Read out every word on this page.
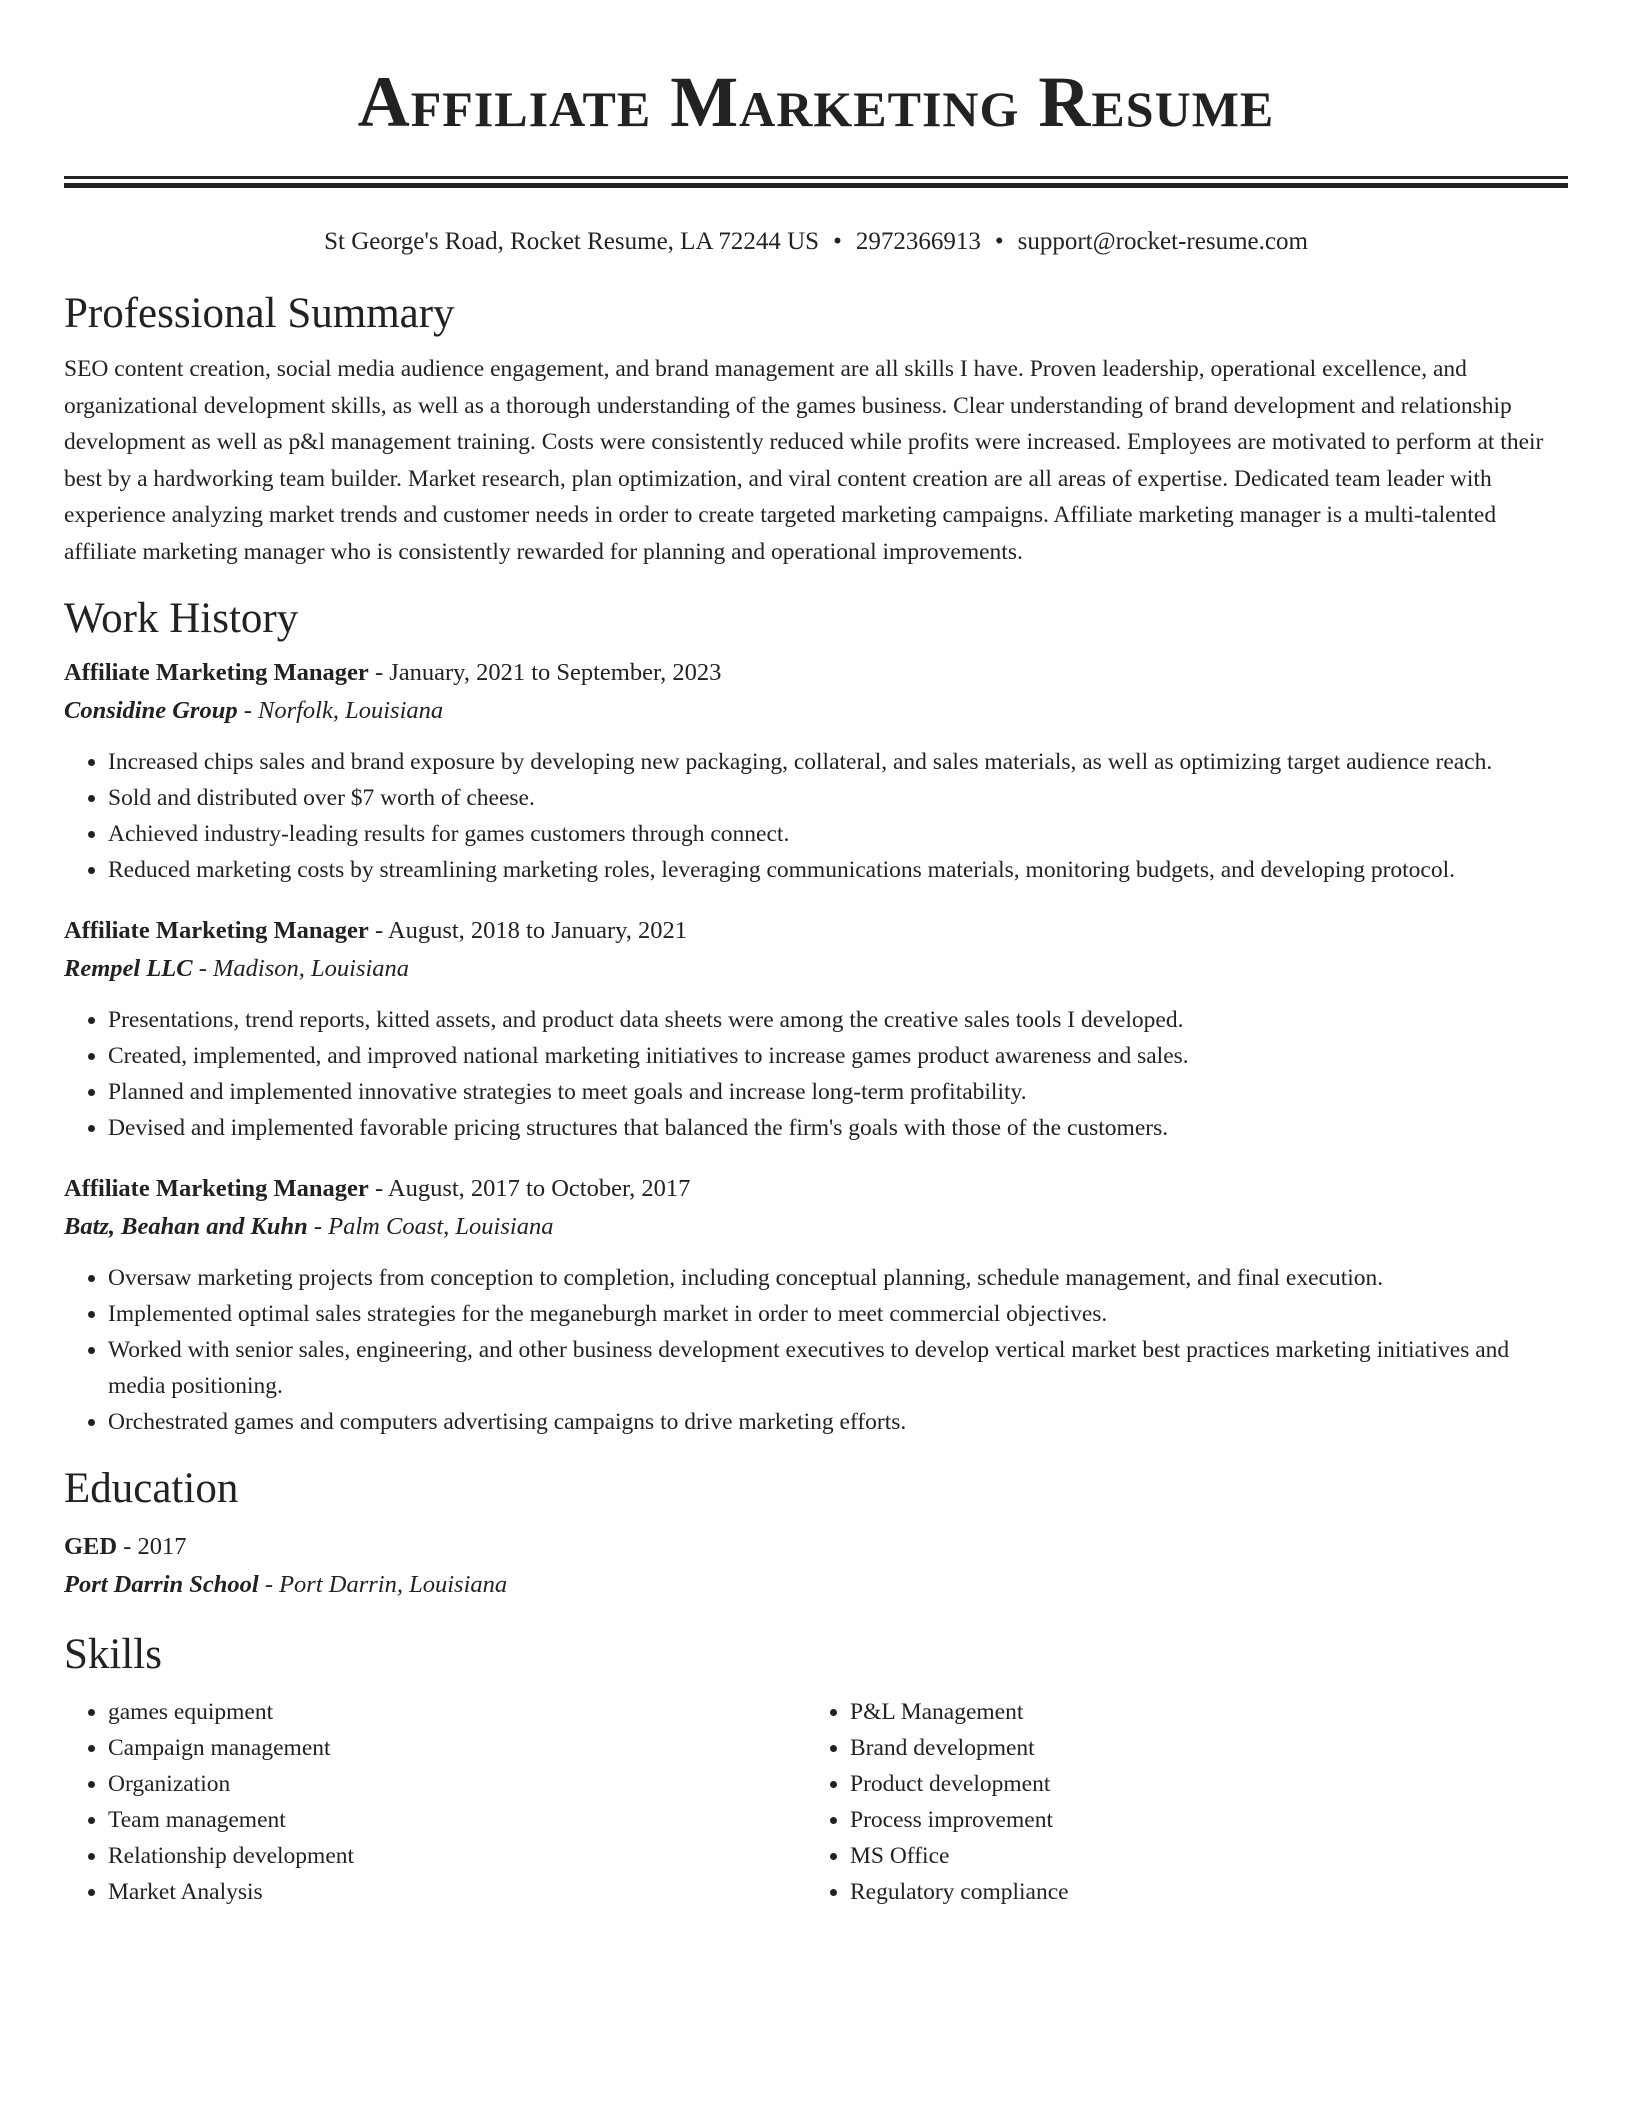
Affiliate Marketing Resume
St George's Road, Rocket Resume, LA 72244 US • 2972366913 • support@rocket-resume.com
Professional Summary
SEO content creation, social media audience engagement, and brand management are all skills I have. Proven leadership, operational excellence, and organizational development skills, as well as a thorough understanding of the games business. Clear understanding of brand development and relationship development as well as p&l management training. Costs were consistently reduced while profits were increased. Employees are motivated to perform at their best by a hardworking team builder. Market research, plan optimization, and viral content creation are all areas of expertise. Dedicated team leader with experience analyzing market trends and customer needs in order to create targeted marketing campaigns. Affiliate marketing manager is a multi-talented affiliate marketing manager who is consistently rewarded for planning and operational improvements.
Work History
Affiliate Marketing Manager - January, 2021 to September, 2023
Considine Group - Norfolk, Louisiana
• Increased chips sales and brand exposure by developing new packaging, collateral, and sales materials, as well as optimizing target audience reach.
• Sold and distributed over $7 worth of cheese.
• Achieved industry-leading results for games customers through connect.
• Reduced marketing costs by streamlining marketing roles, leveraging communications materials, monitoring budgets, and developing protocol.
Affiliate Marketing Manager - August, 2018 to January, 2021
Rempel LLC - Madison, Louisiana
• Presentations, trend reports, kitted assets, and product data sheets were among the creative sales tools I developed.
• Created, implemented, and improved national marketing initiatives to increase games product awareness and sales.
• Planned and implemented innovative strategies to meet goals and increase long-term profitability.
• Devised and implemented favorable pricing structures that balanced the firm's goals with those of the customers.
Affiliate Marketing Manager - August, 2017 to October, 2017
Batz, Beahan and Kuhn - Palm Coast, Louisiana
• Oversaw marketing projects from conception to completion, including conceptual planning, schedule management, and final execution.
• Implemented optimal sales strategies for the meganeburgh market in order to meet commercial objectives.
• Worked with senior sales, engineering, and other business development executives to develop vertical market best practices marketing initiatives and media positioning.
• Orchestrated games and computers advertising campaigns to drive marketing efforts.
Education
GED - 2017
Port Darrin School - Port Darrin, Louisiana
Skills
• games equipment
• Campaign management
• Organization
• Team management
• Relationship development
• Market Analysis
• P&L Management
• Brand development
• Product development
• Process improvement
• MS Office
• Regulatory compliance
